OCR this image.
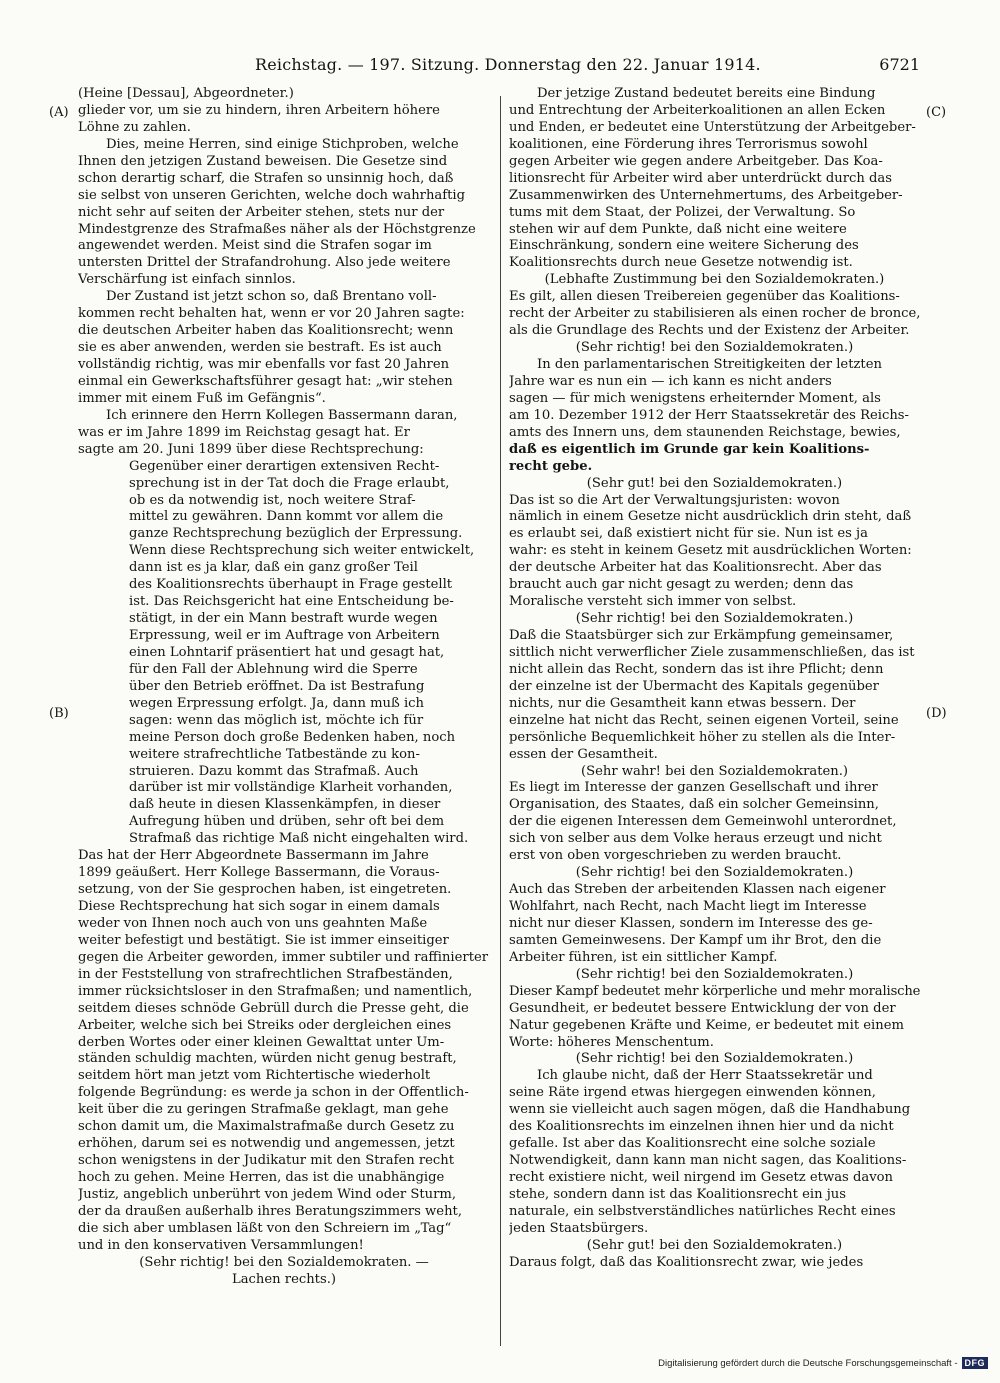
Reichstag. — 197. Sitzung. Donnerstag den 22. Januar 1914.	6721
(A)
(B)
(C)
(D)
(Heine [Dessau], Abgeordneter.)
glieder vor, um sie zu hindern, ihren Arbeitern höhere
Löhne zu zahlen.
Dies, meine Herren, sind einige Stichproben, welche
Ihnen den jetzigen Zustand beweisen. Die Gesetze sind
schon derartig scharf, die Strafen so unsinnig hoch, daß
sie selbst von unseren Gerichten, welche doch wahrhaftig
nicht sehr auf seiten der Arbeiter stehen, stets nur der
Mindestgrenze des Strafmaßes näher als der Höchstgrenze
angewendet werden. Meist sind die Strafen sogar im
untersten Drittel der Strafandrohung. Also jede weitere
Verschärfung ist einfach sinnlos.
Der Zustand ist jetzt schon so, daß Brentano voll-
kommen recht behalten hat, wenn er vor 20 Jahren sagte:
die deutschen Arbeiter haben das Koalitionsrecht; wenn
sie es aber anwenden, werden sie bestraft. Es ist auch
vollständig richtig, was mir ebenfalls vor fast 20 Jahren
einmal ein Gewerkschaftsführer gesagt hat: „wir stehen
immer mit einem Fuß im Gefängnis“.
Ich erinnere den Herrn Kollegen Bassermann daran,
was er im Jahre 1899 im Reichstag gesagt hat. Er
sagte am 20. Juni 1899 über diese Rechtsprechung:
Gegenüber einer derartigen extensiven Recht-
sprechung ist in der Tat doch die Frage erlaubt,
ob es da notwendig ist, noch weitere Straf-
mittel zu gewähren. Dann kommt vor allem die
ganze Rechtsprechung bezüglich der Erpressung.
Wenn diese Rechtsprechung sich weiter entwickelt,
dann ist es ja klar, daß ein ganz großer Teil
des Koalitionsrechts überhaupt in Frage gestellt
ist. Das Reichsgericht hat eine Entscheidung be-
stätigt, in der ein Mann bestraft wurde wegen
Erpressung, weil er im Auftrage von Arbeitern
einen Lohntarif präsentiert hat und gesagt hat,
für den Fall der Ablehnung wird die Sperre
über den Betrieb eröffnet. Da ist Bestrafung
wegen Erpressung erfolgt. Ja, dann muß ich
sagen: wenn das möglich ist, möchte ich für
meine Person doch große Bedenken haben, noch
weitere strafrechtliche Tatbestände zu kon-
struieren. Dazu kommt das Strafmaß. Auch
darüber ist mir vollständige Klarheit vorhanden,
daß heute in diesen Klassenkämpfen, in dieser
Aufregung hüben und drüben, sehr oft bei dem
Strafmaß das richtige Maß nicht eingehalten wird.
Das hat der Herr Abgeordnete Bassermann im Jahre
1899 geäußert. Herr Kollege Bassermann, die Voraus-
setzung, von der Sie gesprochen haben, ist eingetreten.
Diese Rechtsprechung hat sich sogar in einem damals
weder von Ihnen noch auch von uns geahnten Maße
weiter befestigt und bestätigt. Sie ist immer einseitiger
gegen die Arbeiter geworden, immer subtiler und raffinierter
in der Feststellung von strafrechtlichen Strafbeständen,
immer rücksichtsloser in den Strafmaßen; und namentlich,
seitdem dieses schnöde Gebrüll durch die Presse geht, die
Arbeiter, welche sich bei Streiks oder dergleichen eines
derben Wortes oder einer kleinen Gewalttat unter Um-
ständen schuldig machten, würden nicht genug bestraft,
seitdem hört man jetzt vom Richtertische wiederholt
folgende Begründung: es werde ja schon in der Öffentlich-
keit über die zu geringen Strafmaße geklagt, man gehe
schon damit um, die Maximalstrafmaße durch Gesetz zu
erhöhen, darum sei es notwendig und angemessen, jetzt
schon wenigstens in der Judikatur mit den Strafen recht
hoch zu gehen. Meine Herren, das ist die unabhängige
Justiz, angeblich unberührt von jedem Wind oder Sturm,
der da draußen außerhalb ihres Beratungszimmers weht,
die sich aber umblasen läßt von den Schreiern im „Tag“
und in den konservativen Versammlungen!
(Sehr richtig! bei den Sozialdemokraten. —
Lachen rechts.)
Der jetzige Zustand bedeutet bereits eine Bindung
und Entrechtung der Arbeiterkoalitionen an allen Ecken
und Enden, er bedeutet eine Unterstützung der Arbeitgeber-
koalitionen, eine Förderung ihres Terrorismus sowohl
gegen Arbeiter wie gegen andere Arbeitgeber. Das Koa-
litionsrecht für Arbeiter wird aber unterdrückt durch das
Zusammenwirken des Unternehmertums, des Arbeitgeber-
tums mit dem Staat, der Polizei, der Verwaltung. So
stehen wir auf dem Punkte, daß nicht eine weitere
Einschränkung, sondern eine weitere Sicherung des
Koalitionsrechts durch neue Gesetze notwendig ist.
(Lebhafte Zustimmung bei den Sozialdemokraten.)
Es gilt, allen diesen Treibereien gegenüber das Koalitions-
recht der Arbeiter zu stabilisieren als einen rocher de bronce,
als die Grundlage des Rechts und der Existenz der Arbeiter.
(Sehr richtig! bei den Sozialdemokraten.)
In den parlamentarischen Streitigkeiten der letzten
Jahre war es nun ein — ich kann es nicht anders
sagen — für mich wenigstens erheiternder Moment, als
am 10. Dezember 1912 der Herr Staatssekretär des Reichs-
amts des Innern uns, dem staunenden Reichstage, bewies,
daß es eigentlich im Grunde gar kein Koalitions-
recht gebe.
(Sehr gut! bei den Sozialdemokraten.)
Das ist so die Art der Verwaltungsjuristen: wovon
nämlich in einem Gesetze nicht ausdrücklich drin steht, daß
es erlaubt sei, daß existiert nicht für sie. Nun ist es ja
wahr: es steht in keinem Gesetz mit ausdrücklichen Worten:
der deutsche Arbeiter hat das Koalitionsrecht. Aber das
braucht auch gar nicht gesagt zu werden; denn das
Moralische versteht sich immer von selbst.
(Sehr richtig! bei den Sozialdemokraten.)
Daß die Staatsbürger sich zur Erkämpfung gemeinsamer,
sittlich nicht verwerflicher Ziele zusammenschließen, das ist
nicht allein das Recht, sondern das ist ihre Pflicht; denn
der einzelne ist der Übermacht des Kapitals gegenüber
nichts, nur die Gesamtheit kann etwas bessern. Der
einzelne hat nicht das Recht, seinen eigenen Vorteil, seine
persönliche Bequemlichkeit höher zu stellen als die Inter-
essen der Gesamtheit.
(Sehr wahr! bei den Sozialdemokraten.)
Es liegt im Interesse der ganzen Gesellschaft und ihrer
Organisation, des Staates, daß ein solcher Gemeinsinn,
der die eigenen Interessen dem Gemeinwohl unterordnet,
sich von selber aus dem Volke heraus erzeugt und nicht
erst von oben vorgeschrieben zu werden braucht.
(Sehr richtig! bei den Sozialdemokraten.)
Auch das Streben der arbeitenden Klassen nach eigener
Wohlfahrt, nach Recht, nach Macht liegt im Interesse
nicht nur dieser Klassen, sondern im Interesse des ge-
samten Gemeinwesens. Der Kampf um ihr Brot, den die
Arbeiter führen, ist ein sittlicher Kampf.
(Sehr richtig! bei den Sozialdemokraten.)
Dieser Kampf bedeutet mehr körperliche und mehr moralische
Gesundheit, er bedeutet bessere Entwicklung der von der
Natur gegebenen Kräfte und Keime, er bedeutet mit einem
Worte: höheres Menschentum.
(Sehr richtig! bei den Sozialdemokraten.)
Ich glaube nicht, daß der Herr Staatssekretär und
seine Räte irgend etwas hiergegen einwenden können,
wenn sie vielleicht auch sagen mögen, daß die Handhabung
des Koalitionsrechts im einzelnen ihnen hier und da nicht
gefalle. Ist aber das Koalitionsrecht eine solche soziale
Notwendigkeit, dann kann man nicht sagen, das Koalitions-
recht existiere nicht, weil nirgend im Gesetz etwas davon
stehe, sondern dann ist das Koalitionsrecht ein jus
naturale, ein selbstverständliches natürliches Recht eines
jeden Staatsbürgers.
(Sehr gut! bei den Sozialdemokraten.)
Daraus folgt, daß das Koalitionsrecht zwar, wie jedes
Digitalisierung gefördert durch die Deutsche Forschungsgemeinschaft - DFG
